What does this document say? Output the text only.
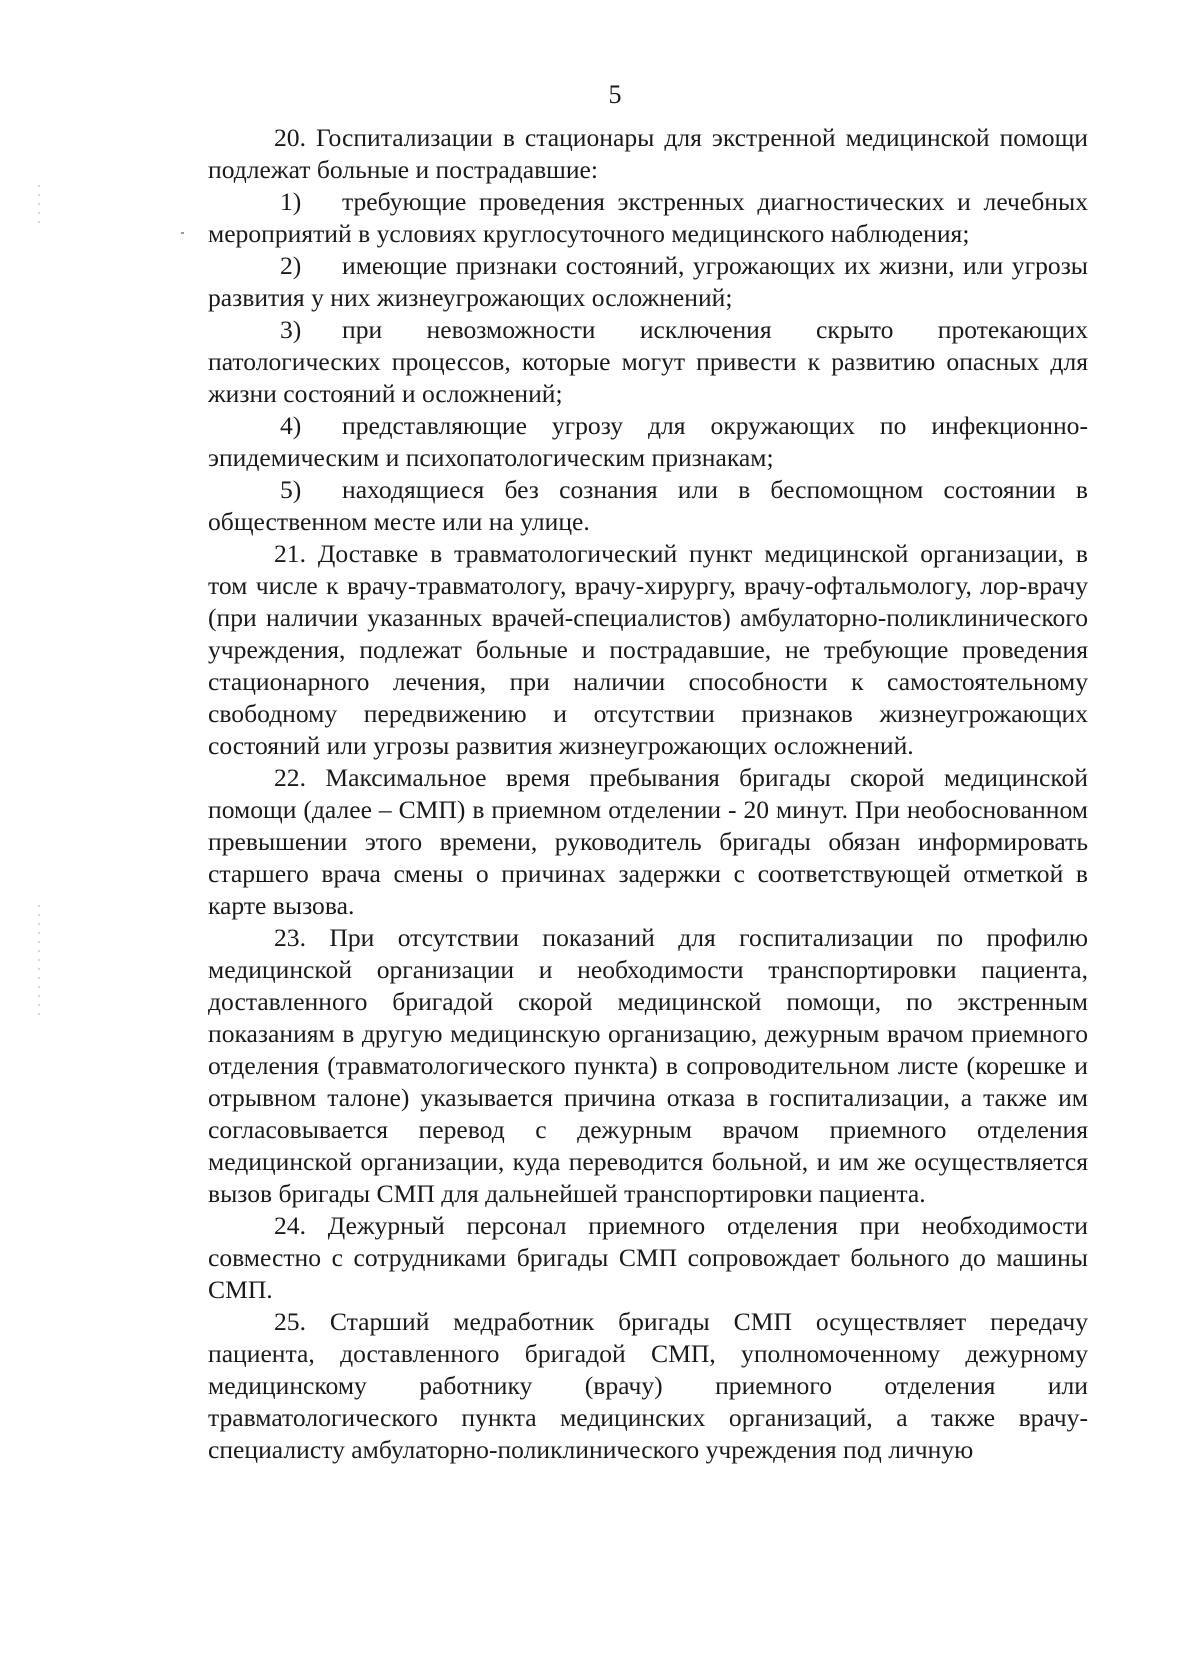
5

20. Госпитализации в стационары для экстренной медицинской помощи подлежат больные и пострадавшие:

1) требующие проведения экстренных диагностических и лечебных мероприятий в условиях круглосуточного медицинского наблюдения;

2) имеющие признаки состояний, угрожающих их жизни, или угрозы развития у них жизнеугрожающих осложнений;

3) при невозможности исключения скрыто протекающих патологических процессов, которые могут привести к развитию опасных для жизни состояний и осложнений;

4) представляющие угрозу для окружающих по инфекционно-эпидемическим и психопатологическим признакам;

5) находящиеся без сознания или в беспомощном состоянии в общественном месте или на улице.

21. Доставке в травматологический пункт медицинской организации, в том числе к врачу-травматологу, врачу-хирургу, врачу-офтальмологу, лор-врачу (при наличии указанных врачей-специалистов) амбулаторно-поликлинического учреждения, подлежат больные и пострадавшие, не требующие проведения стационарного лечения, при наличии способности к самостоятельному свободному передвижению и отсутствии признаков жизнеугрожающих состояний или угрозы развития жизнеугрожающих осложнений.

22. Максимальное время пребывания бригады скорой медицинской помощи (далее – СМП) в приемном отделении - 20 минут. При необоснованном превышении этого времени, руководитель бригады обязан информировать старшего врача смены о причинах задержки с соответствующей отметкой в карте вызова.

23. При отсутствии показаний для госпитализации по профилю медицинской организации и необходимости транспортировки пациента, доставленного бригадой скорой медицинской помощи, по экстренным показаниям в другую медицинскую организацию, дежурным врачом приемного отделения (травматологического пункта) в сопроводительном листе (корешке и отрывном талоне) указывается причина отказа в госпитализации, а также им согласовывается перевод с дежурным врачом приемного отделения медицинской организации, куда переводится больной, и им же осуществляется вызов бригады СМП для дальнейшей транспортировки пациента.

24. Дежурный персонал приемного отделения при необходимости совместно с сотрудниками бригады СМП сопровождает больного до машины СМП.

25. Старший медработник бригады СМП осуществляет передачу пациента, доставленного бригадой СМП, уполномоченному дежурному медицинскому работнику (врачу) приемного отделения или травматологического пункта медицинских организаций, а также врачу-специалисту амбулаторно-поликлинического учреждения под личную
